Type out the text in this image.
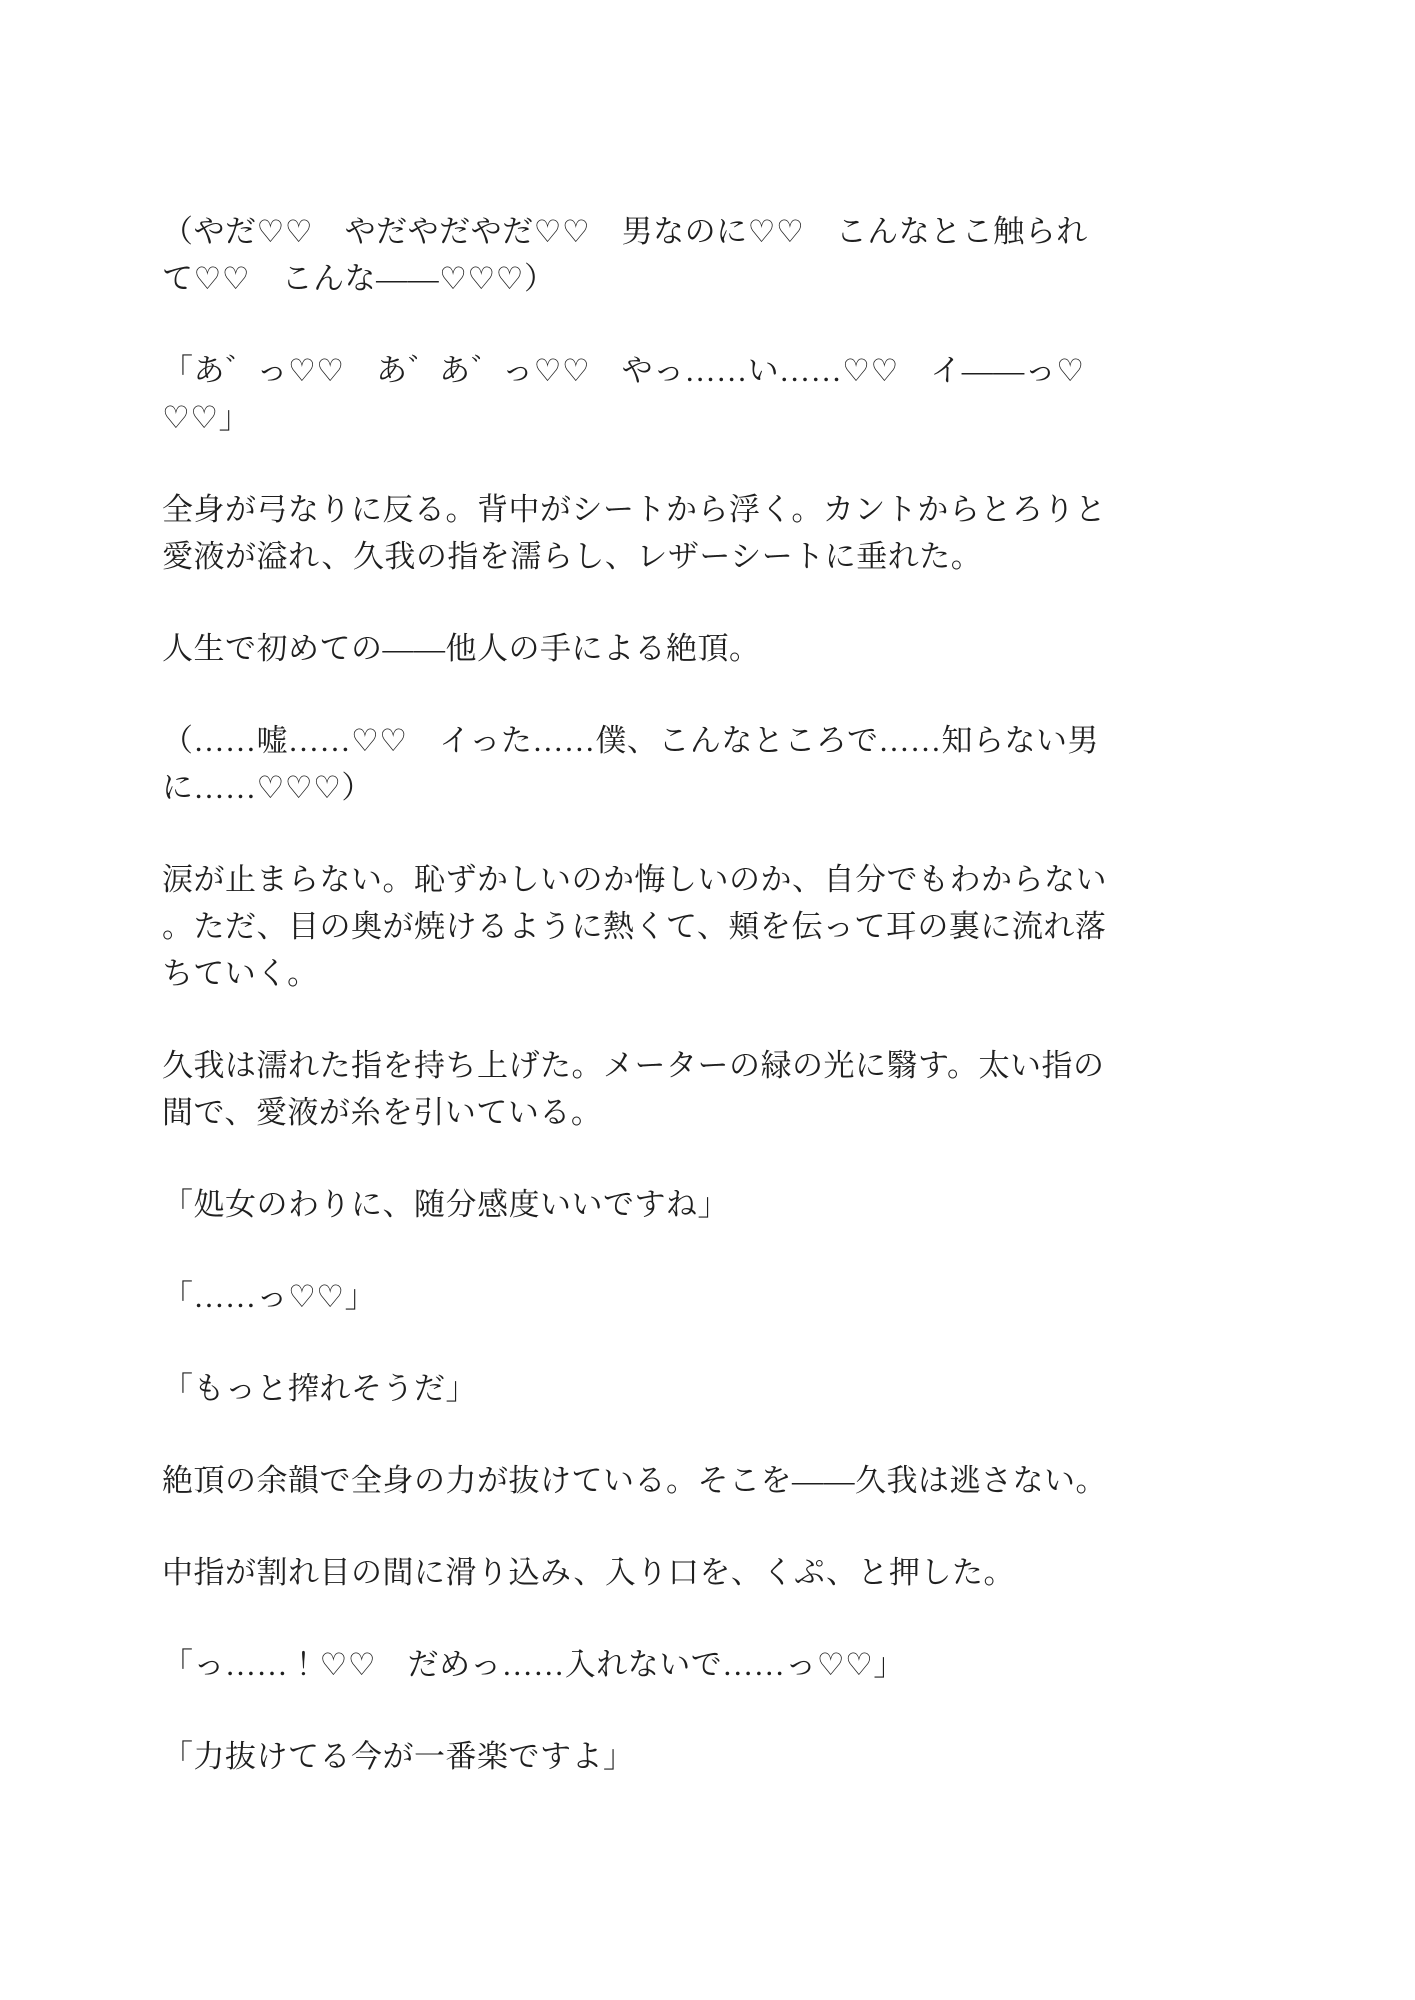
（やだ♡♡　やだやだやだ♡♡　男なのに♡♡　こんなとこ触られ
て♡♡　こんな——♡♡♡）

「あ゛っ♡♡　あ゛あ゛っ♡♡　やっ……い……♡♡　イ——っ♡
♡♡」

全身が弓なりに反る。背中がシートから浮く。カントからとろりと
愛液が溢れ、久我の指を濡らし、レザーシートに垂れた。

人生で初めての——他人の手による絶頂。

（……嘘……♡♡　イった……僕、こんなところで……知らない男
に……♡♡♡）

涙が止まらない。恥ずかしいのか悔しいのか、自分でもわからない
。ただ、目の奥が焼けるように熱くて、頬を伝って耳の裏に流れ落
ちていく。

久我は濡れた指を持ち上げた。メーターの緑の光に翳す。太い指の
間で、愛液が糸を引いている。

「処女のわりに、随分感度いいですね」

「……っ♡♡」

「もっと搾れそうだ」

絶頂の余韻で全身の力が抜けている。そこを——久我は逃さない。

中指が割れ目の間に滑り込み、入り口を、くぷ、と押した。

「っ……！♡♡　だめっ……入れないで……っ♡♡」

「力抜けてる今が一番楽ですよ」
